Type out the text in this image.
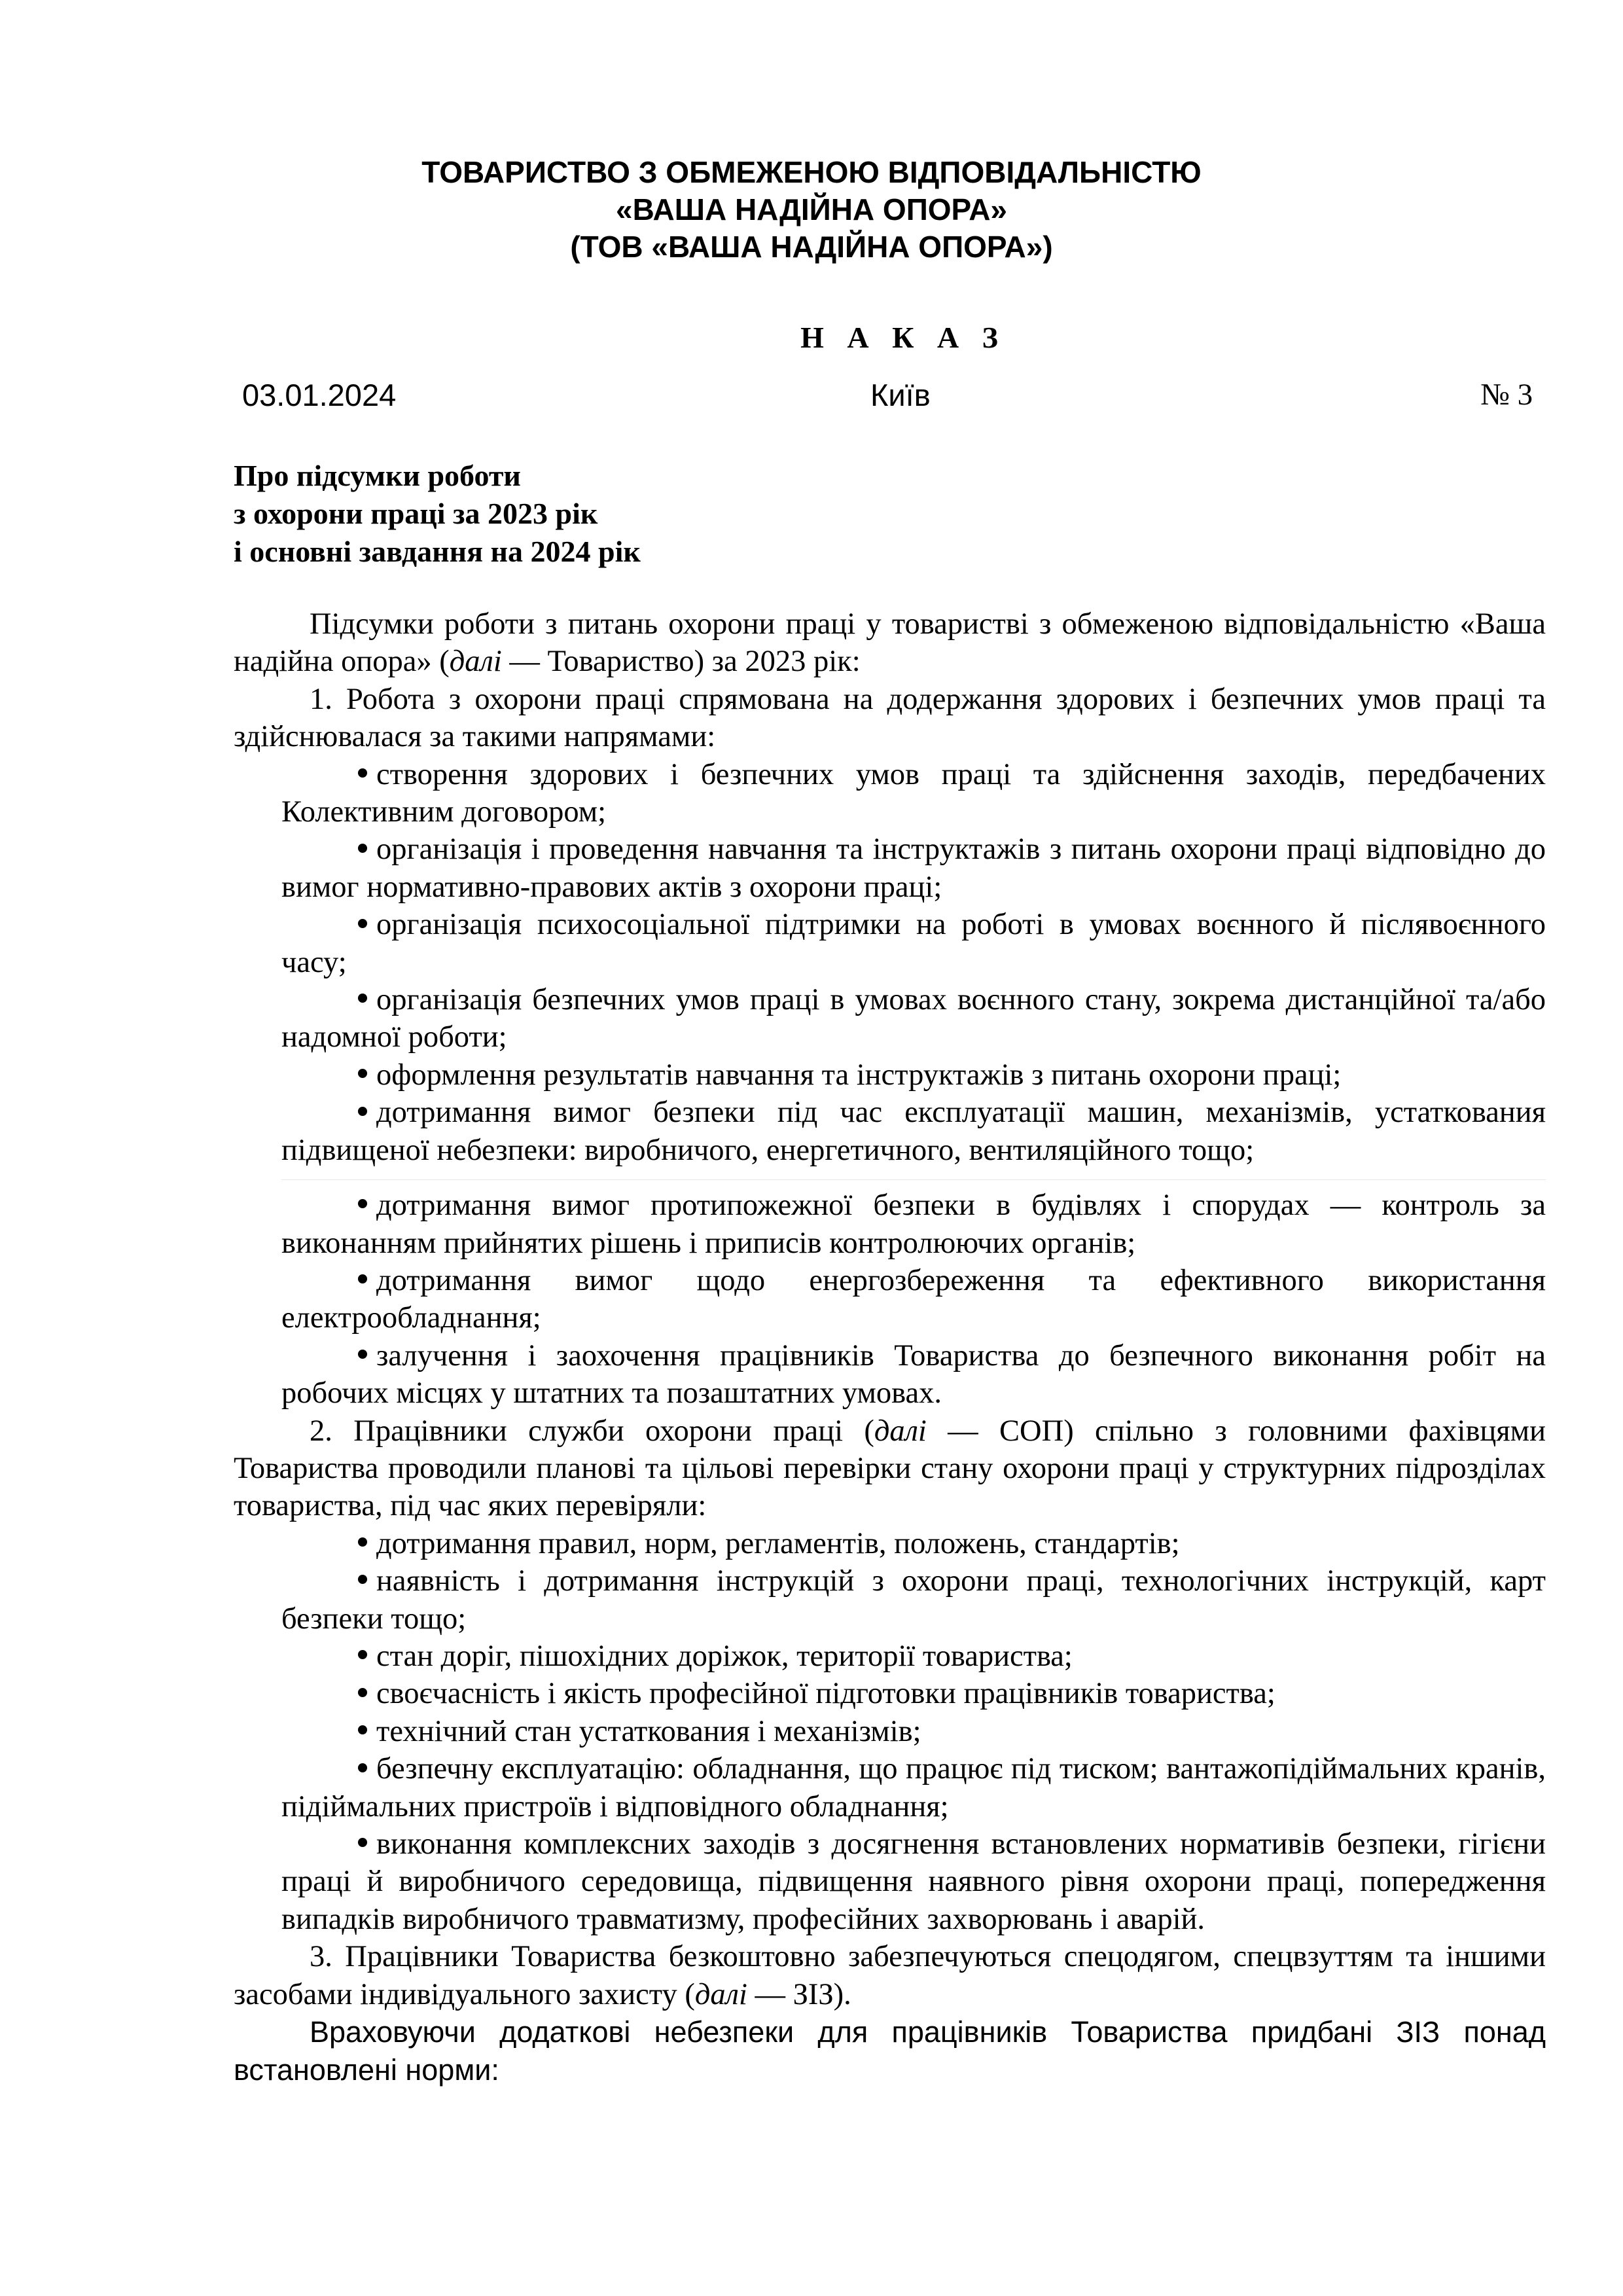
ТОВАРИСТВО З ОБМЕЖЕНОЮ ВІДПОВІДАЛЬНІСТЮ
«ВАША НАДІЙНА ОПОРА»
(ТОВ «ВАША НАДІЙНА ОПОРА»)
Н А К А З
03.01.2024	Київ	№ 3
Про підсумки роботи
з охорони праці за 2023 рік
і основні завдання на 2024 рік

Підсумки роботи з питань охорони праці у товаристві з обмеженою відповідальністю «Ваша надійна опора» (далі — Товариство) за 2023 рік:

1. Робота з охорони праці спрямована на додержання здорових і безпечних умов праці та здійснювалася за такими напрямами:

створення здорових і безпечних умов праці та здійснення заходів, передбачених Колективним договором;

організація і проведення навчання та інструктажів з питань охорони праці відповідно до вимог нормативно-правових актів з охорони праці;

організація психосоціальної підтримки на роботі в умовах воєнного й післявоєнного часу;

організація безпечних умов праці в умовах воєнного стану, зокрема дистанційної та/або надомної роботи;

оформлення результатів навчання та інструктажів з питань охорони праці;

дотримання вимог безпеки під час експлуатації машин, механізмів, устаткования підвищеної небезпеки: виробничого, енергетичного, вентиляційного тощо;

дотримання вимог протипожежної безпеки в будівлях і спорудах — контроль за виконанням прийнятих рішень і приписів контролюючих органів;

дотримання вимог щодо енергозбереження та ефективного використання електрообладнання;

залучення і заохочення працівників Товариства до безпечного виконання робіт на робочих місцях у штатних та позаштатних умовах.

2. Працівники служби охорони праці (далі — СОП) спільно з головними фахівцями Товариства проводили планові та цільові перевірки стану охорони праці у структурних підрозділах товариства, під час яких перевіряли:

дотримання правил, норм, регламентів, положень, стандартів;

наявність і дотримання інструкцій з охорони праці, технологічних інструкцій, карт безпеки тощо;

стан доріг, пішохідних доріжок, території товариства;

своєчасність і якість професійної підготовки працівників товариства;

технічний стан устаткования і механізмів;

безпечну експлуатацію: обладнання, що працює під тиском; вантажопідіймальних кранів, підіймальних пристроїв і відповідного обладнання;

виконання комплексних заходів з досягнення встановлених нормативів безпеки, гігієни праці й виробничого середовища, підвищення наявного рівня охорони праці, попередження випадків виробничого травматизму, професійних захворювань і аварій.

3. Працівники Товариства безкоштовно забезпечуються спецодягом, спецвзуттям та іншими засобами індивідуального захисту (далі — ЗІЗ).

Враховуючи додаткові небезпеки для працівників Товариства придбані ЗІЗ понад встановлені норми:
